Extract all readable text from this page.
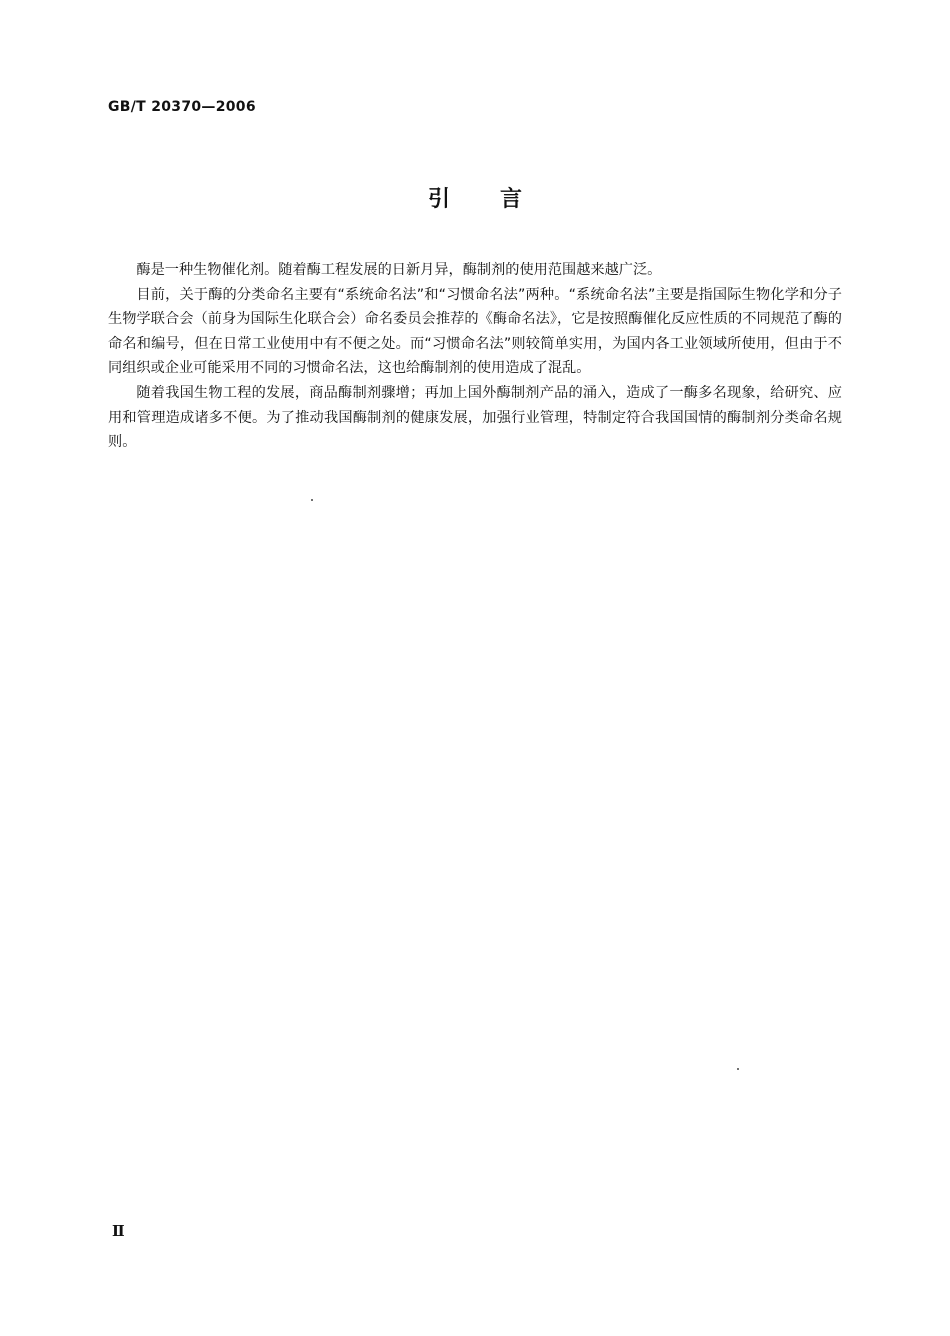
GB/T 20370—2006
引言

酶是一种生物催化剂。随着酶工程发展的日新月异，酶制剂的使用范围越来越广泛。

目前，关于酶的分类命名主要有“系统命名法”和“习惯命名法”两种。“系统命名法”主要是指国际生物化学和分子生物学联合会（前身为国际生化联合会）命名委员会推荐的《酶命名法》，它是按照酶催化反应性质的不同规范了酶的命名和编号，但在日常工业使用中有不便之处。而“习惯命名法”则较简单实用，为国内各工业领域所使用，但由于不同组织或企业可能采用不同的习惯命名法，这也给酶制剂的使用造成了混乱。

随着我国生物工程的发展，商品酶制剂骤增；再加上国外酶制剂产品的涌入，造成了一酶多名现象，给研究、应用和管理造成诸多不便。为了推动我国酶制剂的健康发展，加强行业管理，特制定符合我国国情的酶制剂分类命名规则。

Ⅱ
